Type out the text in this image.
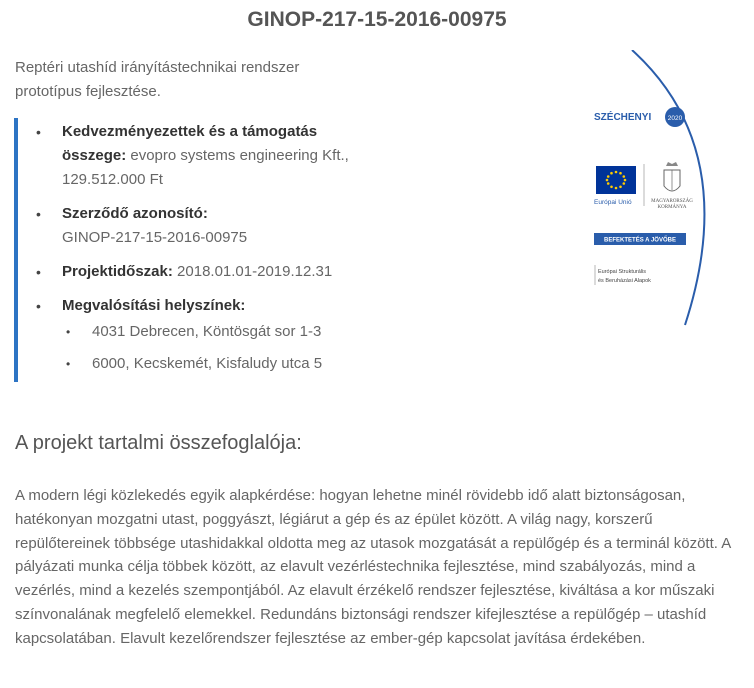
GINOP-217-15-2016-00975
Reptéri utashíd irányítástechnikai rendszer
prototípus fejlesztése.
• Kedvezményezettek és a támogatás
összege: evopro systems engineering Kft.,
129.512.000 Ft
• Szerződő azonosító:
GINOP-217-15-2016-00975
• Projektidőszak: 2018.01.01-2019.12.31
• Megvalósítási helyszínek:
• 4031 Debrecen, Köntösgát sor 1-3
• 6000, Kecskemét, Kisfaludy utca 5
SZÉCHENYI	2020
Európai Unió	MAGYARORSZÁG
KORMÁNYA
BEFEKTETÉS A JÖVŐBE
Európai Strukturális
és Beruházási Alapok
A projekt tartalmi összefoglalója:

A modern légi közlekedés egyik alapkérdése: hogyan lehetne minél rövidebb idő alatt biztonságosan, hatékonyan mozgatni utast, poggyászt, légiárut a gép és az épület között. A világ nagy, korszerű repülőtereinek többsége utashidakkal oldotta meg az utasok mozgatását a repülőgép és a terminál között. A pályázati munka célja többek között, az elavult vezérléstechnika fejlesztése, mind szabályozás, mind a vezérlés, mind a kezelés szempontjából. Az elavult érzékelő rendszer fejlesztése, kiváltása a kor műszaki színvonalának megfelelő elemekkel. Redundáns biztonsági rendszer kifejlesztése a repülőgép – utashíd kapcsolatában. Elavult kezelőrendszer fejlesztése az ember-gép kapcsolat javítása érdekében.
